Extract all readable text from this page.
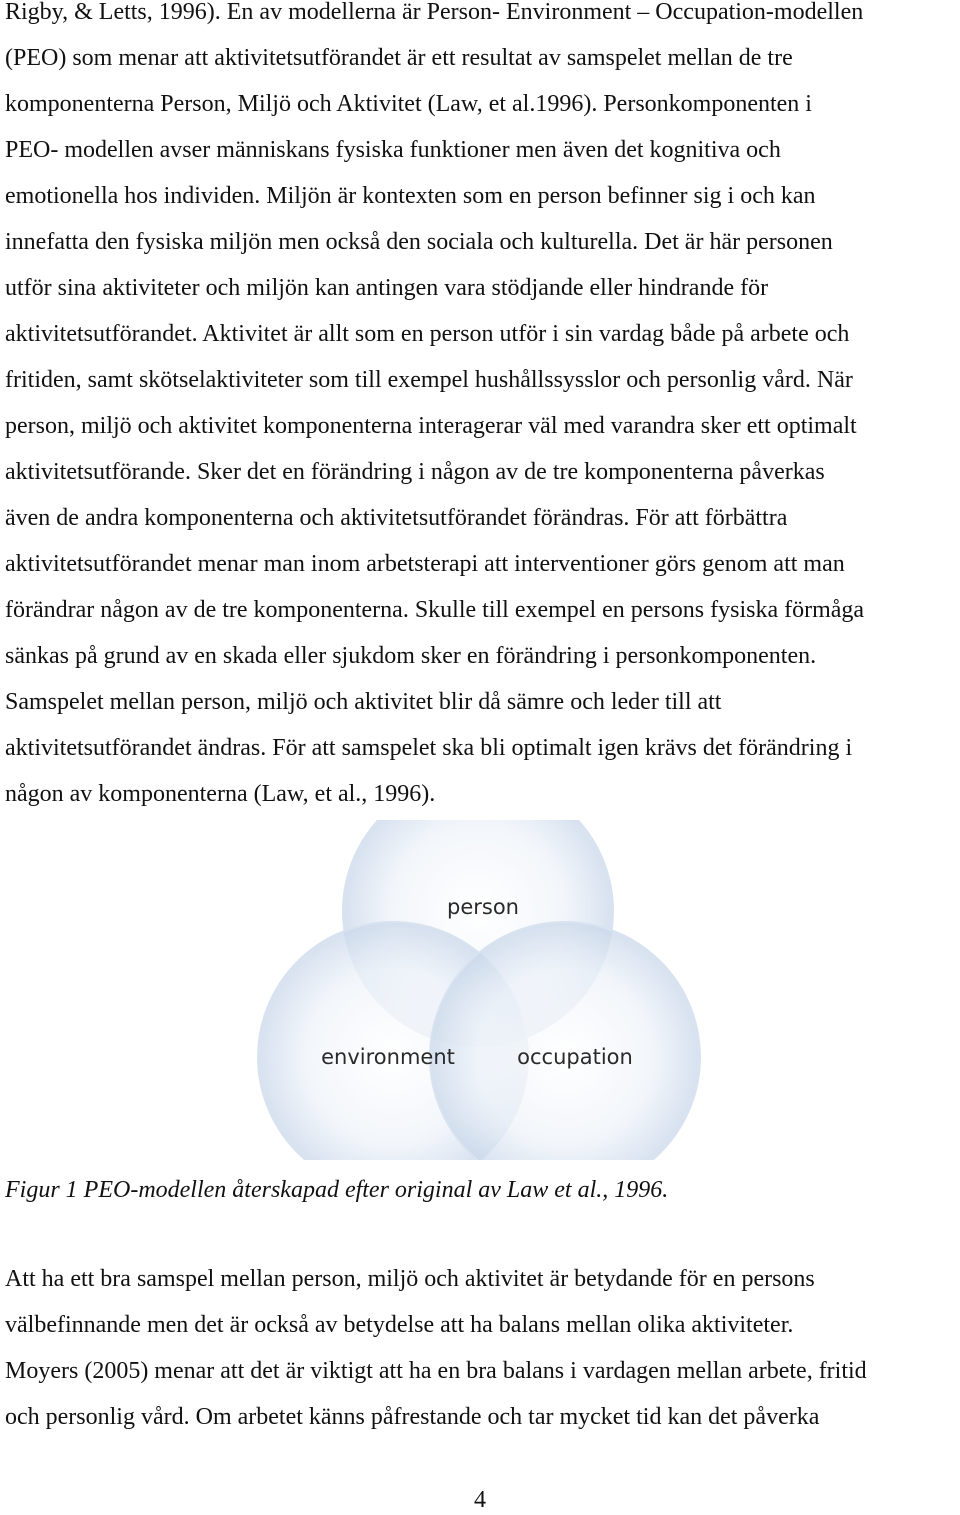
Rigby, & Letts, 1996). En av modellerna är Person- Environment – Occupation-modellen

(PEO) som menar att aktivitetsutförandet är ett resultat av samspelet mellan de tre

komponenterna Person, Miljö och Aktivitet (Law, et al.1996). Personkomponenten i

PEO- modellen avser människans fysiska funktioner men även det kognitiva och

emotionella hos individen. Miljön är kontexten som en person befinner sig i och kan

innefatta den fysiska miljön men också den sociala och kulturella. Det är här personen

utför sina aktiviteter och miljön kan antingen vara stödjande eller hindrande för

aktivitetsutförandet. Aktivitet är allt som en person utför i sin vardag både på arbete och

fritiden, samt skötselaktiviteter som till exempel hushållssysslor och personlig vård. När

person, miljö och aktivitet komponenterna interagerar väl med varandra sker ett optimalt

aktivitetsutförande. Sker det en förändring i någon av de tre komponenterna påverkas

även de andra komponenterna och aktivitetsutförandet förändras. För att förbättra

aktivitetsutförandet menar man inom arbetsterapi att interventioner görs genom att man

förändrar någon av de tre komponenterna. Skulle till exempel en persons fysiska förmåga

sänkas på grund av en skada eller sjukdom sker en förändring i personkomponenten.

Samspelet mellan person, miljö och aktivitet blir då sämre och leder till att

aktivitetsutförandet ändras. För att samspelet ska bli optimalt igen krävs det förändring i

någon av komponenterna (Law, et al., 1996).

person
environment	occupation

Figur 1 PEO-modellen återskapad efter original av Law et al., 1996.

Att ha ett bra samspel mellan person, miljö och aktivitet är betydande för en persons

välbefinnande men det är också av betydelse att ha balans mellan olika aktiviteter.

Moyers (2005) menar att det är viktigt att ha en bra balans i vardagen mellan arbete, fritid

och personlig vård. Om arbetet känns påfrestande och tar mycket tid kan det påverka

4
